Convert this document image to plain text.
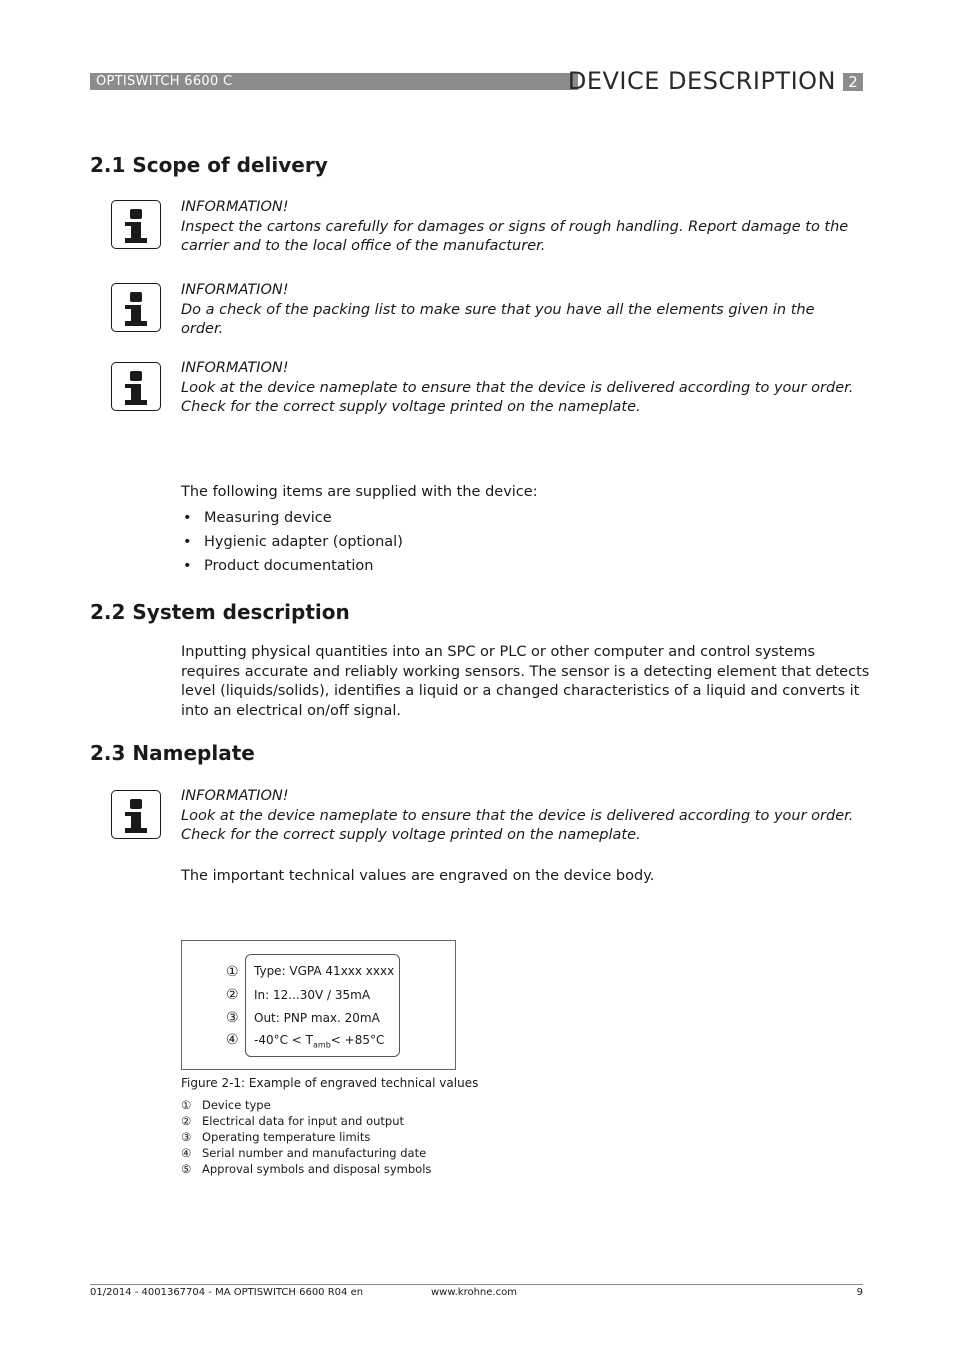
OPTISWITCH 6600 C	DEVICE DESCRIPTION 2
2.1 Scope of delivery
INFORMATION!
Inspect the cartons carefully for damages or signs of rough handling. Report damage to the carrier and to the local office of the manufacturer.
INFORMATION!
Do a check of the packing list to make sure that you have all the elements given in the order.
INFORMATION!
Look at the device nameplate to ensure that the device is delivered according to your order. Check for the correct supply voltage printed on the nameplate.
The following items are supplied with the device:
• Measuring device
• Hygienic adapter (optional)
• Product documentation
2.2 System description
Inputting physical quantities into an SPC or PLC or other computer and control systems requires accurate and reliably working sensors. The sensor is a detecting element that detects level (liquids/solids), identifies a liquid or a changed characteristics of a liquid and converts it into an electrical on/off signal.
2.3 Nameplate
INFORMATION!
Look at the device nameplate to ensure that the device is delivered according to your order. Check for the correct supply voltage printed on the nameplate.
The important technical values are engraved on the device body.
①
②
③
④
Type: VGPA 41xxx xxxx
In: 12...30V / 35mA
Out: PNP max. 20mA
$-40^\circ C < T_{amb}< +85^\circ C$
Figure 2-1: Example of engraved technical values
① Device type
② Electrical data for input and output
③ Operating temperature limits
④ Serial number and manufacturing date
⑤ Approval symbols and disposal symbols
01/2014 - 4001367704 - MA OPTISWITCH 6600 R04 en	www.krohne.com	9
